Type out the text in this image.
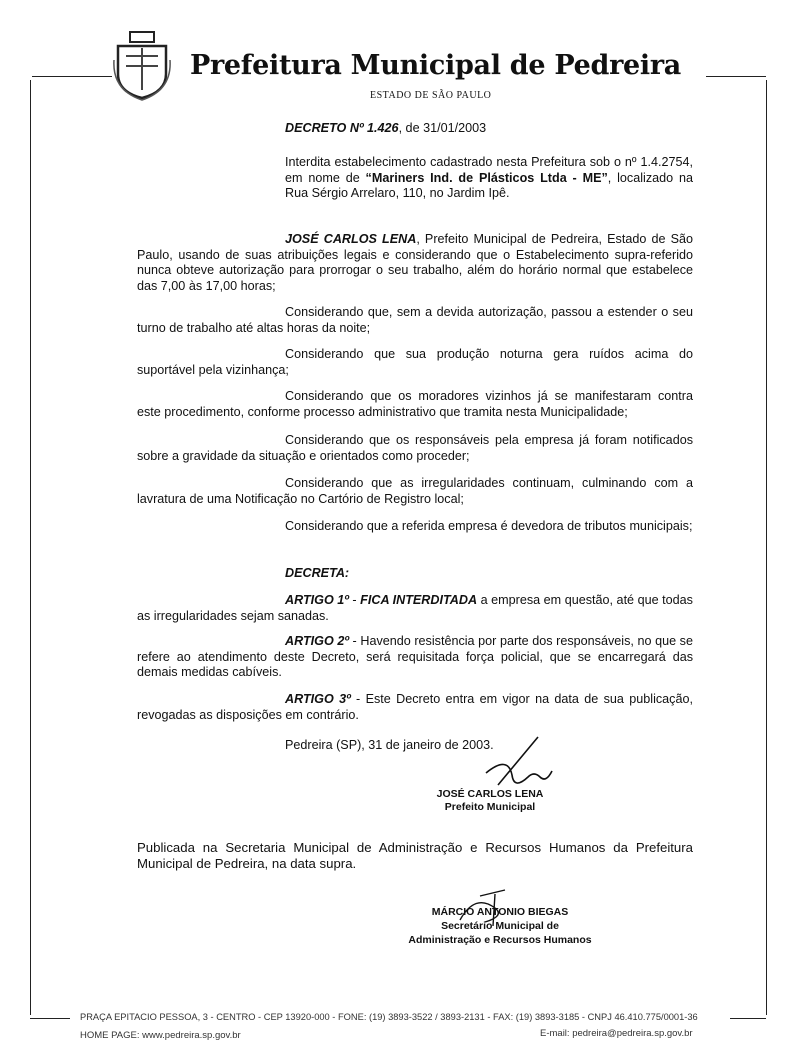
Prefeitura Municipal de Pedreira
ESTADO DE SÃO PAULO
DECRETO Nº 1.426, de 31/01/2003
Interdita estabelecimento cadastrado nesta Prefeitura sob o nº 1.4.2754, em nome de “Mariners Ind. de Plásticos Ltda - ME”, localizado na Rua Sérgio Arrelaro, 110, no Jardim Ipê.
JOSÉ CARLOS LENA, Prefeito Municipal de Pedreira, Estado de São Paulo, usando de suas atribuições legais e considerando que o Estabelecimento supra-referido nunca obteve autorização para prorrogar o seu trabalho, além do horário normal que estabelece das 7,00 às 17,00 horas;
Considerando que, sem a devida autorização, passou a estender o seu turno de trabalho até altas horas da noite;
Considerando que sua produção noturna gera ruídos acima do suportável pela vizinhança;
Considerando que os moradores vizinhos já se manifestaram contra este procedimento, conforme processo administrativo que tramita nesta Municipalidade;
Considerando que os responsáveis pela empresa já foram notificados sobre a gravidade da situação e orientados como proceder;
Considerando que as irregularidades continuam, culminando com a lavratura de uma Notificação no Cartório de Registro local;
Considerando que a referida empresa é devedora de tributos municipais;
DECRETA:
ARTIGO 1º - FICA INTERDITADA a empresa em questão, até que todas as irregularidades sejam sanadas.
ARTIGO 2º - Havendo resistência por parte dos responsáveis, no que se refere ao atendimento deste Decreto, será requisitada força policial, que se encarregará das demais medidas cabíveis.
ARTIGO 3º - Este Decreto entra em vigor na data de sua publicação, revogadas as disposições em contrário.
Pedreira (SP), 31 de janeiro de 2003.
JOSÉ CARLOS LENA
Prefeito Municipal
Publicada na Secretaria Municipal de Administração e Recursos Humanos da Prefeitura Municipal de Pedreira, na data supra.
MÁRCIO ANTONIO BIEGAS
Secretário Municipal de
Administração e Recursos Humanos
PRAÇA EPITACIO PESSOA, 3 - CENTRO - CEP 13920-000 - FONE: (19) 3893-3522 / 3893-2131 - FAX: (19) 3893-3185 - CNPJ 46.410.775/0001-36
HOME PAGE: www.pedreira.sp.gov.br	E-mail: pedreira@pedreira.sp.gov.br
